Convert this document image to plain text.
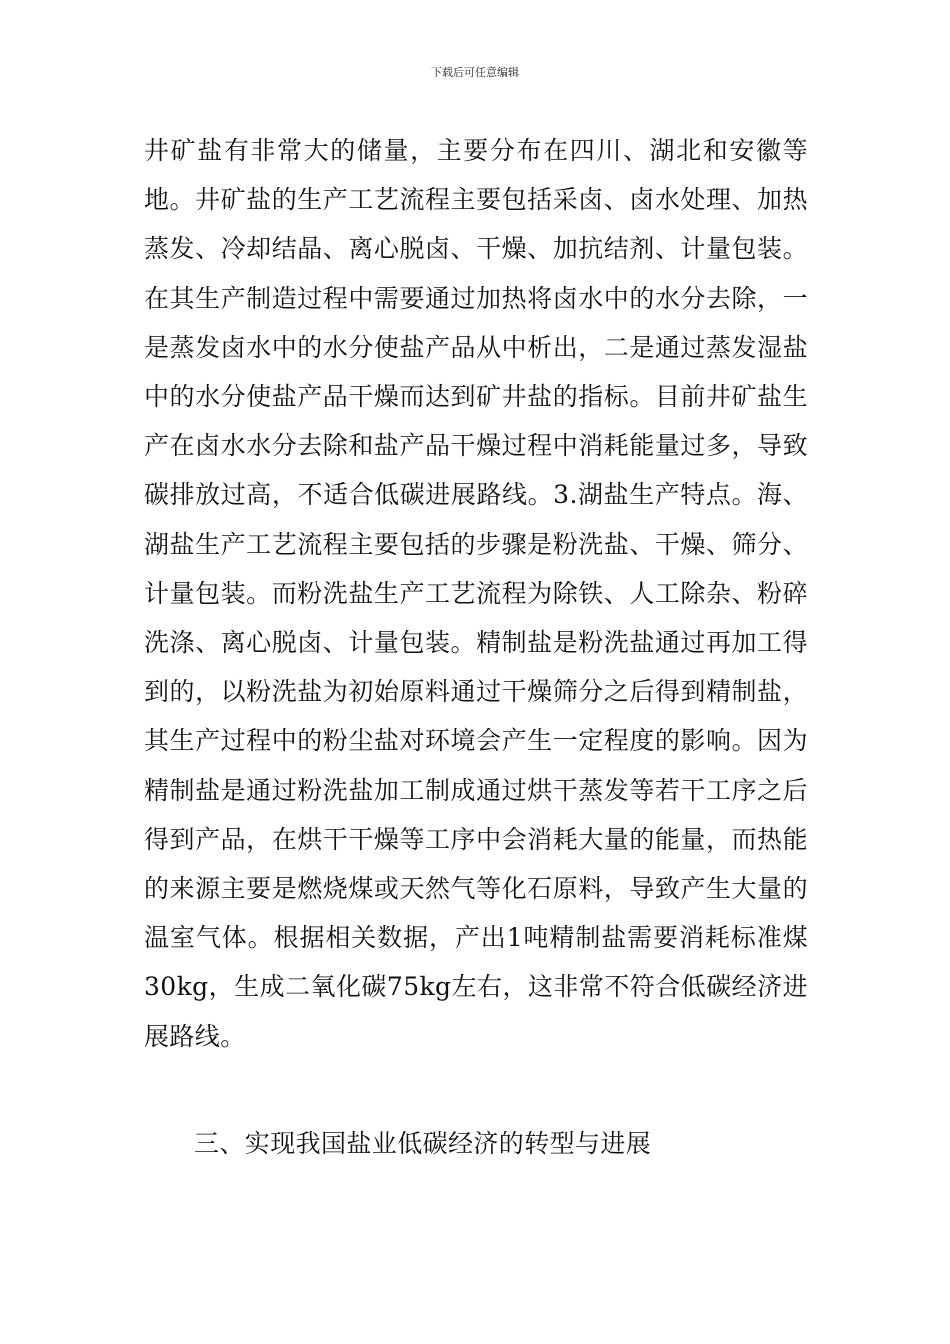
下载后可任意编辑

井矿盐有非常大的储量，主要分布在四川、湖北和安徽等地。井矿盐的生产工艺流程主要包括采卤、卤水处理、加热蒸发、冷却结晶、离心脱卤、干燥、加抗结剂、计量包装。在其生产制造过程中需要通过加热将卤水中的水分去除，一是蒸发卤水中的水分使盐产品从中析出，二是通过蒸发湿盐中的水分使盐产品干燥而达到矿井盐的指标。目前井矿盐生产在卤水水分去除和盐产品干燥过程中消耗能量过多，导致碳排放过高，不适合低碳进展路线。3.湖盐生产特点。海、湖盐生产工艺流程主要包括的步骤是粉洗盐、干燥、筛分、计量包装。而粉洗盐生产工艺流程为除铁、人工除杂、粉碎洗涤、离心脱卤、计量包装。精制盐是粉洗盐通过再加工得到的，以粉洗盐为初始原料通过干燥筛分之后得到精制盐，其生产过程中的粉尘盐对环境会产生一定程度的影响。因为精制盐是通过粉洗盐加工制成通过烘干蒸发等若干工序之后得到产品，在烘干干燥等工序中会消耗大量的能量，而热能的来源主要是燃烧煤或天然气等化石原料，导致产生大量的温室气体。根据相关数据，产出1吨精制盐需要消耗标准煤30kg，生成二氧化碳75kg左右，这非常不符合低碳经济进展路线。

三、实现我国盐业低碳经济的转型与进展
